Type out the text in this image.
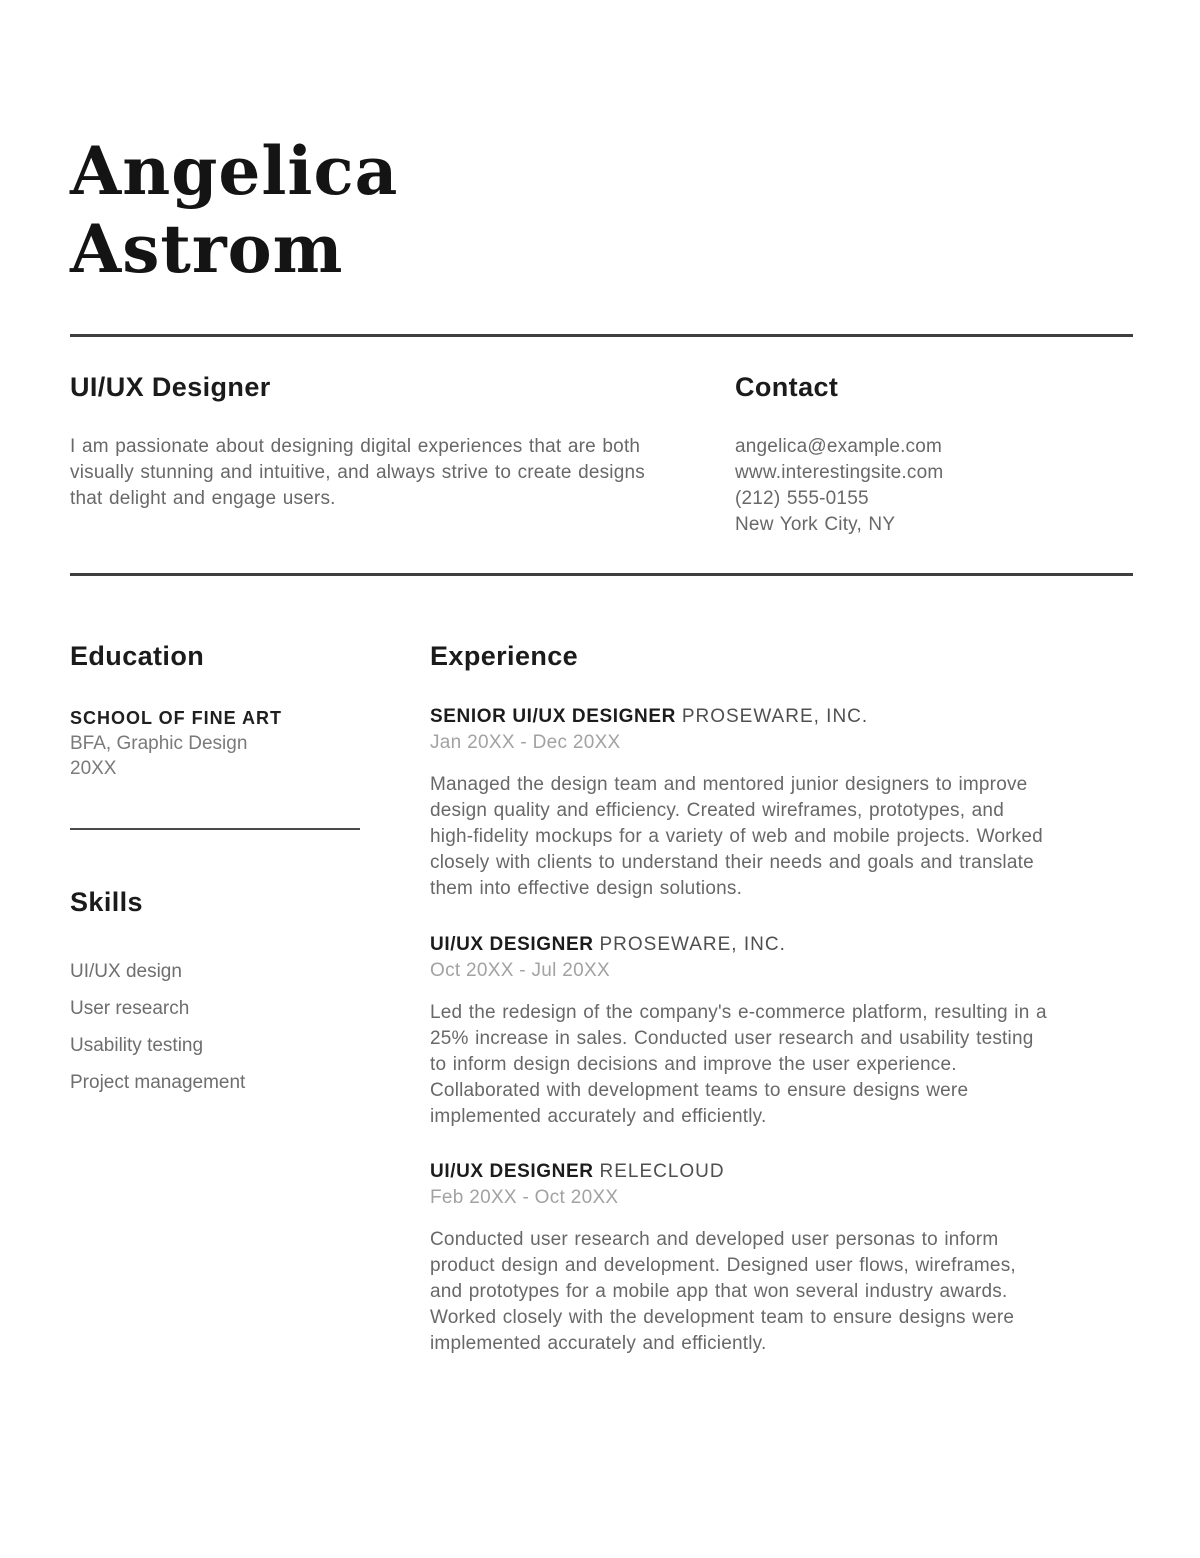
Angelica
Astrom
UI/UX Designer

I am passionate about designing digital experiences that are both visually stunning and intuitive, and always strive to create designs that delight and engage users.

Contact
angelica@example.com
www.interestingsite.com
(212) 555-0155
New York City, NY
Education
SCHOOL OF FINE ART
BFA, Graphic Design
20XX
Skills
UI/UX design
User research
Usability testing
Project management
Experience
SENIOR UI/UX DESIGNER PROSEWARE, INC.
Jan 20XX - Dec 20XX

Managed the design team and mentored junior designers to improve design quality and efficiency. Created wireframes, prototypes, and high-fidelity mockups for a variety of web and mobile projects. Worked closely with clients to understand their needs and goals and translate them into effective design solutions.

UI/UX DESIGNER PROSEWARE, INC.
Oct 20XX - Jul 20XX

Led the redesign of the company's e-commerce platform, resulting in a 25% increase in sales. Conducted user research and usability testing to inform design decisions and improve the user experience. Collaborated with development teams to ensure designs were implemented accurately and efficiently.

UI/UX DESIGNER RELECLOUD
Feb 20XX - Oct 20XX

Conducted user research and developed user personas to inform product design and development. Designed user flows, wireframes, and prototypes for a mobile app that won several industry awards. Worked closely with the development team to ensure designs were implemented accurately and efficiently.
